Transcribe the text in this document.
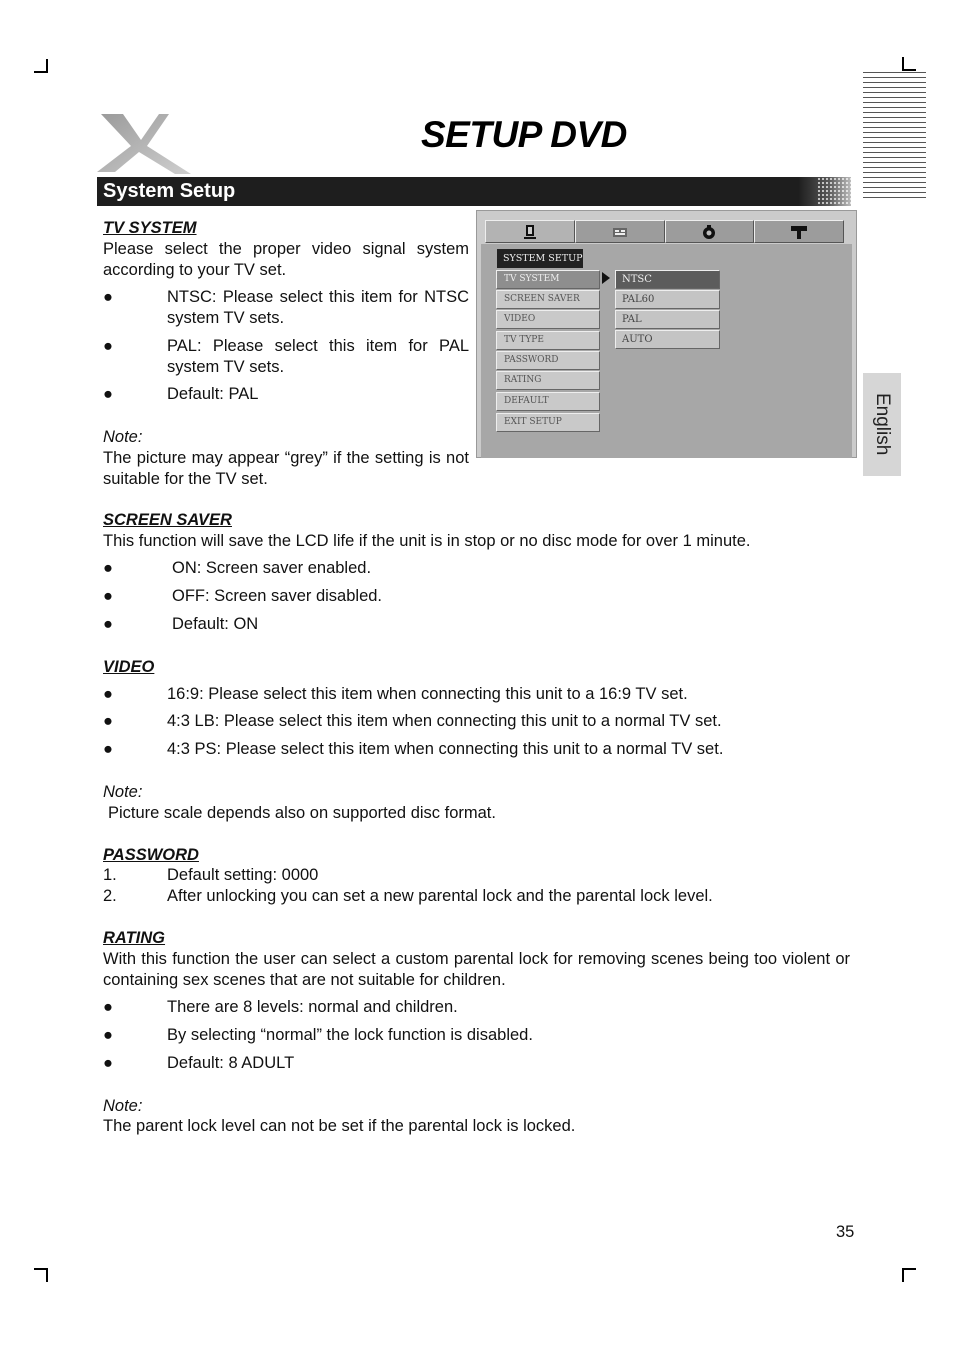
English
SETUP DVD
System Setup

TV SYSTEM

Please select the proper video signal system according to your TV set.

●	NTSC: Please select this item for NTSC system TV sets.
●	PAL: Please select this item for PAL system TV sets.
●	Default: PAL

Note:

The picture may appear “grey” if the setting is not suitable for the TV set.

SYSTEM SETUP
TV SYSTEM
SCREEN SAVER
VIDEO
TV TYPE
PASSWORD
RATING
DEFAULT
EXIT SETUP
NTSC
PAL60
PAL
AUTO

SCREEN SAVER

This function will save the LCD life if the unit is in stop or no disc mode for over 1 minute.

●	ON: Screen saver enabled.
●	OFF: Screen saver disabled.
●	Default: ON

VIDEO

●	16:9: Please select this item when connecting this unit to a 16:9 TV set.
●	4:3 LB: Please select this item when connecting this unit to a normal TV set.
●	4:3 PS: Please select this item when connecting this unit to a normal TV set.

Note:

Picture scale depends also on supported disc format.

PASSWORD

1.	Default setting: 0000
2.	After unlocking you can set a new parental lock and the parental lock level.

RATING

With this function the user can select a custom parental lock for removing scenes being too violent or containing sex scenes that are not suitable for children.

●	There are 8 levels: normal and children.
●	By selecting “normal” the lock function is disabled.
●	Default: 8 ADULT

Note:

The parent lock level can not be set if the parental lock is locked.

35
